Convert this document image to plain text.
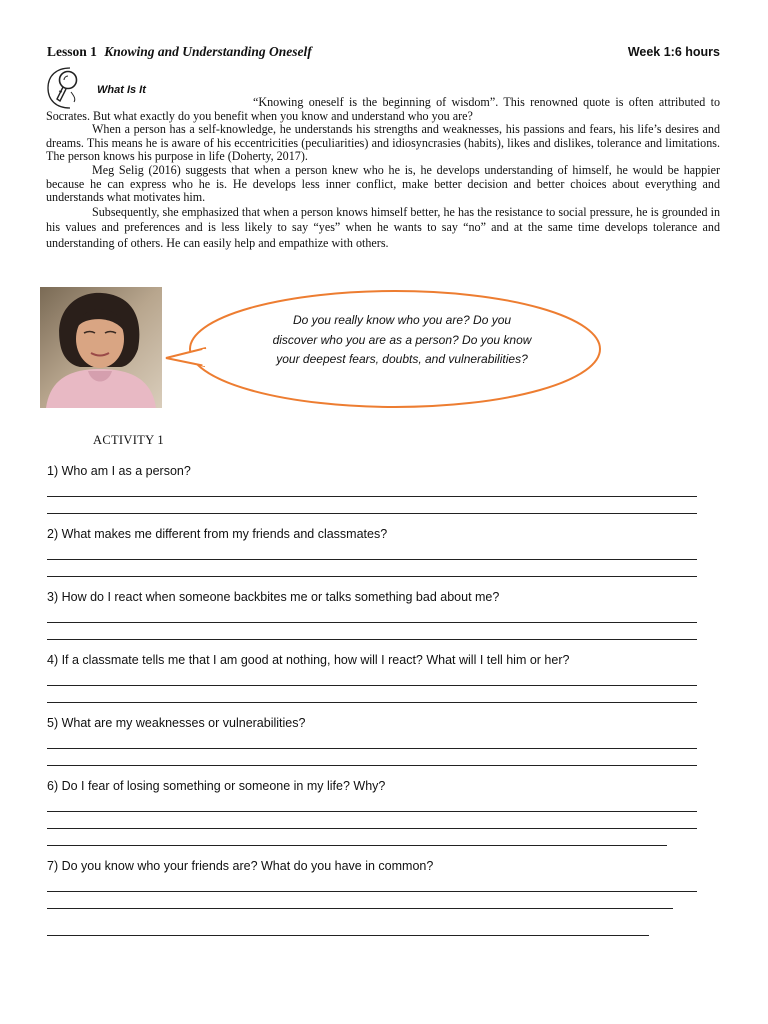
Lesson 1 Knowing and Understanding Oneself	Week 1:6 hours
What Is It

“Knowing oneself is the beginning of wisdom”. This renowned quote is often attributed to Socrates. But what exactly do you benefit when you know and understand who you are?

When a person has a self-knowledge, he understands his strengths and weaknesses, his passions and fears, his life’s desires and dreams. This means he is aware of his eccentricities (peculiarities) and idiosyncrasies (habits), likes and dislikes, tolerance and limitations. The person knows his purpose in life (Doherty, 2017).

Meg Selig (2016) suggests that when a person knew who he is, he develops understanding of himself, he would be happier because he can express who he is. He develops less inner conflict, make better decision and better choices about everything and understands what motivates him.

Subsequently, she emphasized that when a person knows himself better, he has the resistance to social pressure, he is grounded in his values and preferences and is less likely to say “yes” when he wants to say “no” and at the same time develops tolerance and understanding of others. He can easily help and empathize with others.

Do you really know who you are? Do you discover who you are as a person? Do you know your deepest fears, doubts, and vulnerabilities?
ACTIVITY 1
1) Who am I as a person?
2) What makes me different from my friends and classmates?
3) How do I react when someone backbites me or talks something bad about me?
4) If a classmate tells me that I am good at nothing, how will I react? What will I tell him or her?
5) What are my weaknesses or vulnerabilities?
6) Do I fear of losing something or someone in my life? Why?
7) Do you know who your friends are? What do you have in common?
